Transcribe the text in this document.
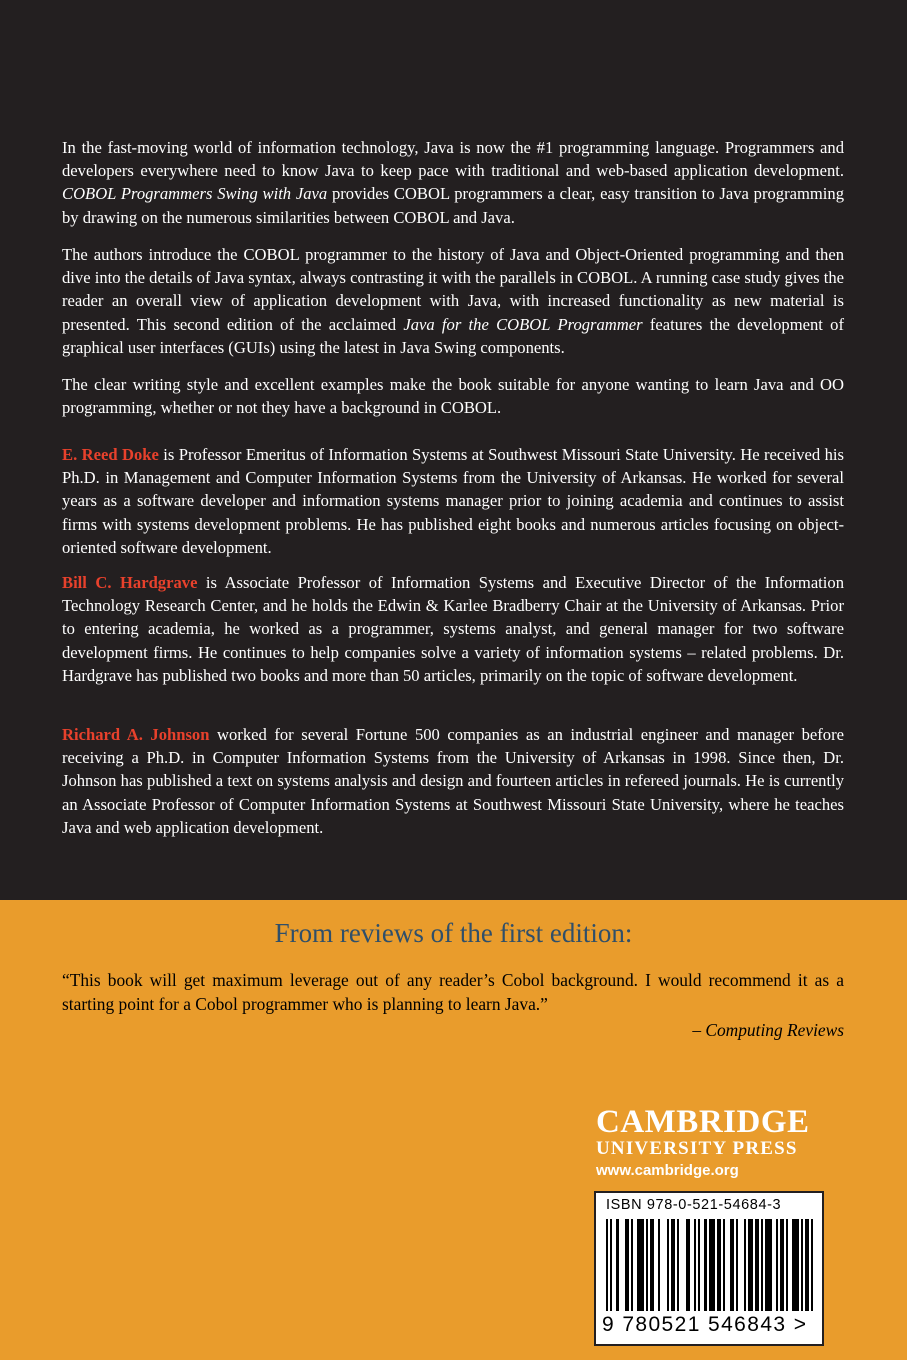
In the fast-moving world of information technology, Java is now the #1 programming language. Programmers and developers everywhere need to know Java to keep pace with traditional and web-based application development. COBOL Programmers Swing with Java provides COBOL programmers a clear, easy transition to Java programming by drawing on the numerous similarities between COBOL and Java.

The authors introduce the COBOL programmer to the history of Java and Object-Oriented programming and then dive into the details of Java syntax, always contrasting it with the parallels in COBOL. A running case study gives the reader an overall view of application development with Java, with increased functionality as new material is presented. This second edition of the acclaimed Java for the COBOL Programmer features the development of graphical user interfaces (GUIs) using the latest in Java Swing components.

The clear writing style and excellent examples make the book suitable for anyone wanting to learn Java and OO programming, whether or not they have a background in COBOL.

E. Reed Doke is Professor Emeritus of Information Systems at Southwest Missouri State University. He received his Ph.D. in Management and Computer Information Systems from the University of Arkansas. He worked for several years as a software developer and information systems manager prior to joining academia and continues to assist firms with systems development problems. He has published eight books and numerous articles focusing on object-oriented software development.

Bill C. Hardgrave is Associate Professor of Information Systems and Executive Director of the Information Technology Research Center, and he holds the Edwin & Karlee Bradberry Chair at the University of Arkansas. Prior to entering academia, he worked as a programmer, systems analyst, and general manager for two software development firms. He continues to help companies solve a variety of information systems – related problems. Dr. Hardgrave has published two books and more than 50 articles, primarily on the topic of software development.

Richard A. Johnson worked for several Fortune 500 companies as an industrial engineer and manager before receiving a Ph.D. in Computer Information Systems from the University of Arkansas in 1998. Since then, Dr. Johnson has published a text on systems analysis and design and fourteen articles in refereed journals. He is currently an Associate Professor of Computer Information Systems at Southwest Missouri State University, where he teaches Java and web application development.

From reviews of the first edition:

“This book will get maximum leverage out of any reader’s Cobol background. I would recommend it as a starting point for a Cobol programmer who is planning to learn Java.”

– Computing Reviews

CAMBRIDGE
UNIVERSITY PRESS
www.cambridge.org
ISBN 978-0-521-54684-3
9 780521 546843 >
